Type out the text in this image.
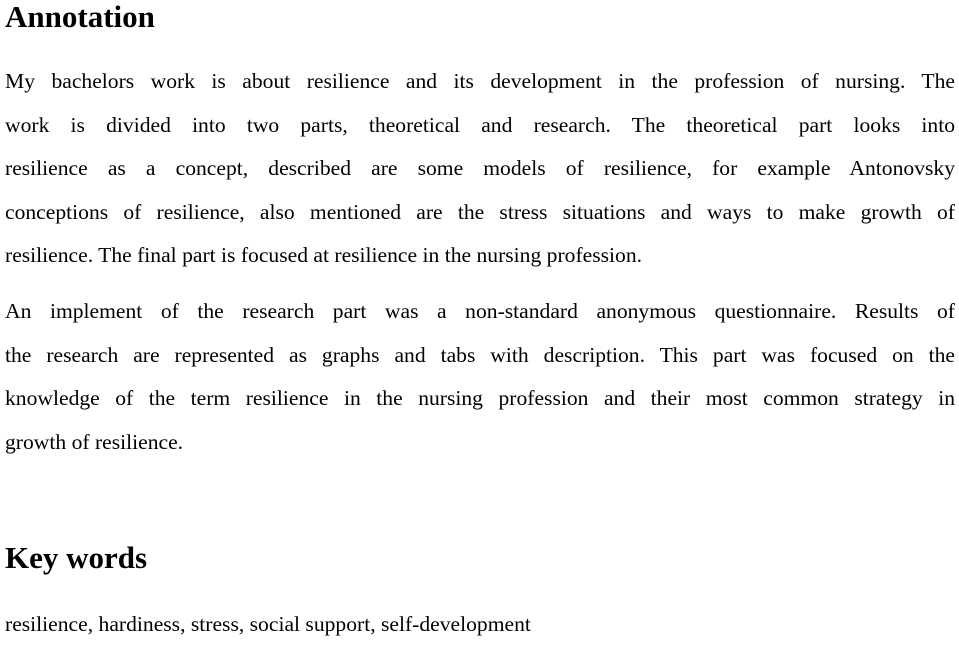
Annotation

My bachelors work is about resilience and its development in the profession of nursing. The
work is divided into two parts, theoretical and research. The theoretical part looks into
resilience as a concept, described are some models of resilience, for example Antonovsky
conceptions of resilience, also mentioned are the stress situations and ways to make growth of
resilience. The final part is focused at resilience in the nursing profession.

An implement of the research part was a non-standard anonymous questionnaire. Results of
the research are represented as graphs and tabs with description. This part was focused on the
knowledge of the term resilience in the nursing profession and their most common strategy in
growth of resilience.

Key words

resilience, hardiness, stress, social support, self-development
